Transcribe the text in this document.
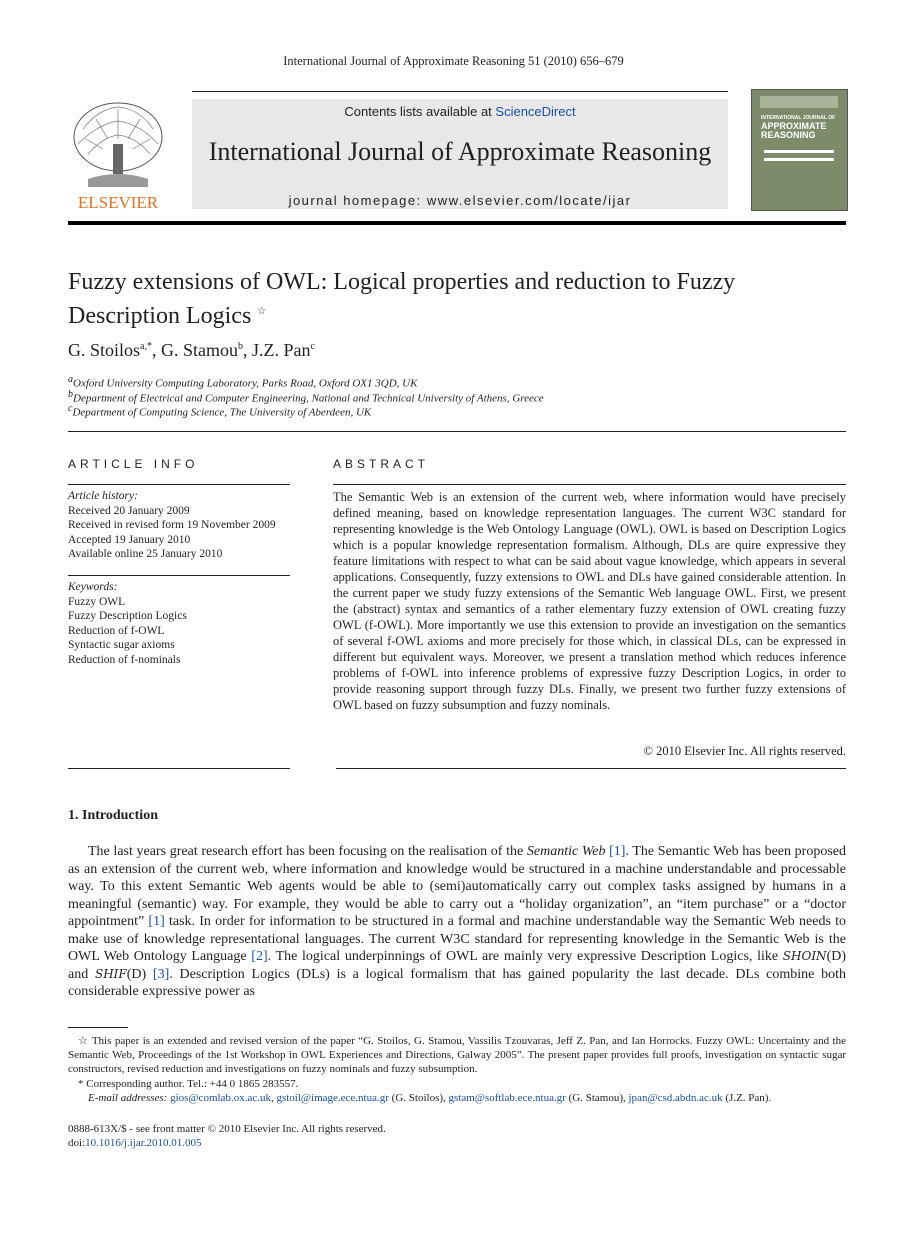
International Journal of Approximate Reasoning 51 (2010) 656–679
ELSEVIER
Contents lists available at ScienceDirect
International Journal of Approximate Reasoning
journal homepage: www.elsevier.com/locate/ijar
INTERNATIONAL JOURNAL OF
APPROXIMATE
REASONING
Fuzzy extensions of OWL: Logical properties and reduction to Fuzzy Description Logics ☆
G. Stoilos$^{a,*}$, G. Stamou$^b$, J.Z. Pan$^c$
$^a$Oxford University Computing Laboratory, Parks Road, Oxford OX1 3QD, UK
$^b$Department of Electrical and Computer Engineering, National and Technical University of Athens, Greece
$^c$Department of Computing Science, The University of Aberdeen, UK
ARTICLE INFO
Article history:
Received 20 January 2009
Received in revised form 19 November 2009
Accepted 19 January 2010
Available online 25 January 2010
Keywords:
Fuzzy OWL
Fuzzy Description Logics
Reduction of f-OWL
Syntactic sugar axioms
Reduction of f-nominals
ABSTRACT
The Semantic Web is an extension of the current web, where information would have precisely defined meaning, based on knowledge representation languages. The current W3C standard for representing knowledge is the Web Ontology Language (OWL). OWL is based on Description Logics which is a popular knowledge representation formalism. Although, DLs are quire expressive they feature limitations with respect to what can be said about vague knowledge, which appears in several applications. Consequently, fuzzy extensions to OWL and DLs have gained considerable attention. In the current paper we study fuzzy extensions of the Semantic Web language OWL. First, we present the (abstract) syntax and semantics of a rather elementary fuzzy extension of OWL creating fuzzy OWL (f-OWL). More importantly we use this extension to provide an investigation on the semantics of several f-OWL axioms and more precisely for those which, in classical DLs, can be expressed in different but equivalent ways. Moreover, we present a translation method which reduces inference problems of f-OWL into inference problems of expressive fuzzy Description Logics, in order to provide reasoning support through fuzzy DLs. Finally, we present two further fuzzy extensions of OWL based on fuzzy subsumption and fuzzy nominals.
© 2010 Elsevier Inc. All rights reserved.
1. Introduction
The last years great research effort has been focusing on the realisation of the Semantic Web [1]. The Semantic Web has been proposed as an extension of the current web, where information and knowledge would be structured in a machine understandable and processable way. To this extent Semantic Web agents would be able to (semi)automatically carry out complex tasks assigned by humans in a meaningful (semantic) way. For example, they would be able to carry out a “holiday organization”, an “item purchase” or a “doctor appointment” [1] task. In order for information to be structured in a formal and machine understandable way the Semantic Web needs to make use of knowledge representational languages. The current W3C standard for representing knowledge in the Semantic Web is the OWL Web Ontology Language [2]. The logical underpinnings of OWL are mainly very expressive Description Logics, like SHOIN(D) and SHIF(D) [3]. Description Logics (DLs) is a logical formalism that has gained popularity the last decade. DLs combine both considerable expressive power as
☆ This paper is an extended and revised version of the paper “G. Stoilos, G. Stamou, Vassilis Tzouvaras, Jeff Z. Pan, and Ian Horrocks. Fuzzy OWL: Uncertainty and the Semantic Web, Proceedings of the 1st Workshop in OWL Experiences and Directions, Galway 2005”. The present paper provides full proofs, investigation on syntactic sugar constructors, revised reduction and investigations on fuzzy nominals and fuzzy subsumption.
* Corresponding author. Tel.: +44 0 1865 283557.
E-mail addresses: gios@comlab.ox.ac.uk, gstoil@image.ece.ntua.gr (G. Stoilos), gstam@softlab.ece.ntua.gr (G. Stamou), jpan@csd.abdn.ac.uk (J.Z. Pan).
0888-613X/$ - see front matter © 2010 Elsevier Inc. All rights reserved.
doi:10.1016/j.ijar.2010.01.005
